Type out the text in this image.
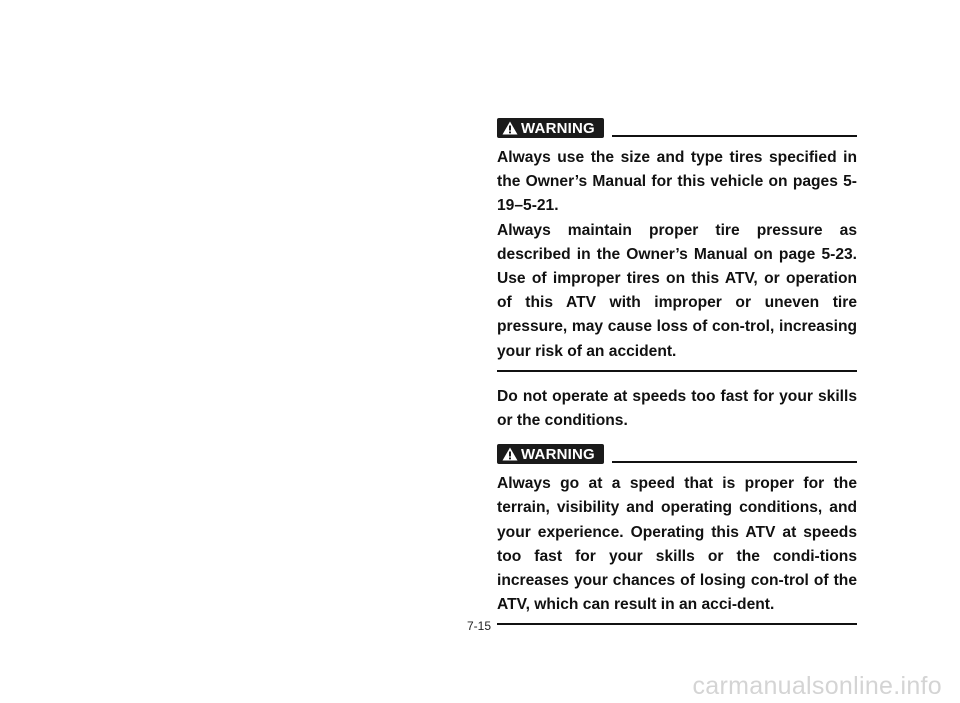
WARNING

Always use the size and type tires specified in the Owner’s Manual for this vehicle on pages 5-19–5-21.

Always maintain proper tire pressure as described in the Owner’s Manual on page 5-23. Use of improper tires on this ATV, or operation of this ATV with improper or uneven tire pressure, may cause loss of con-trol, increasing your risk of an accident.

Do not operate at speeds too fast for your skills or the conditions.
WARNING

Always go at a speed that is proper for the terrain, visibility and operating conditions, and your experience. Operating this ATV at speeds too fast for your skills or the condi-tions increases your chances of losing con-trol of the ATV, which can result in an acci-dent.

7-15
carmanualsonline.info
